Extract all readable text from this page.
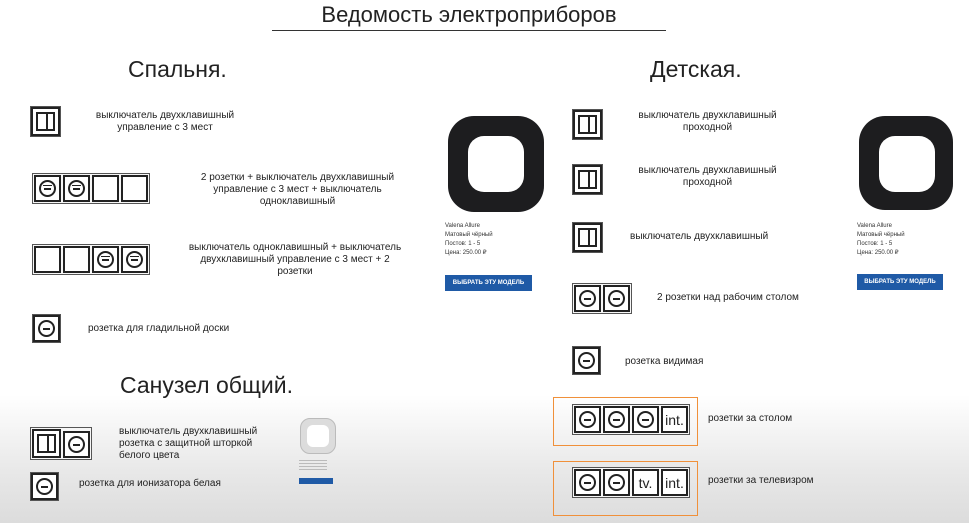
Ведомость электроприборов
Спальня.	Детская.
Санузел общий.
выключатель двухклавишный
управление с 3 мест
2 розетки + выключатель двухклавишный
управление с 3 мест + выключатель
одноклавишный
выключатель одноклавишный + выключатель
двухклавишный управление с 3 мест + 2
розетки
розетка для гладильной доски
выключатель двухклавишный
розетка с защитной шторкой
белого цвета
розетка для ионизатора белая
Valena Allure
Матовый чёрный
Постов: 1 - 5
Цена: 250.00 ₽
ВЫБРАТЬ ЭТУ МОДЕЛЬ
выключатель двухклавишный
проходной
выключатель двухклавишный
проходной
выключатель двухклавишный
2 розетки над рабочим столом
розетка видимая
int.	розетки за столом
tv. int.	розетки за телевизром
Valena Allure
Матовый чёрный
Постов: 1 - 5
Цена: 250.00 ₽
ВЫБРАТЬ ЭТУ МОДЕЛЬ
